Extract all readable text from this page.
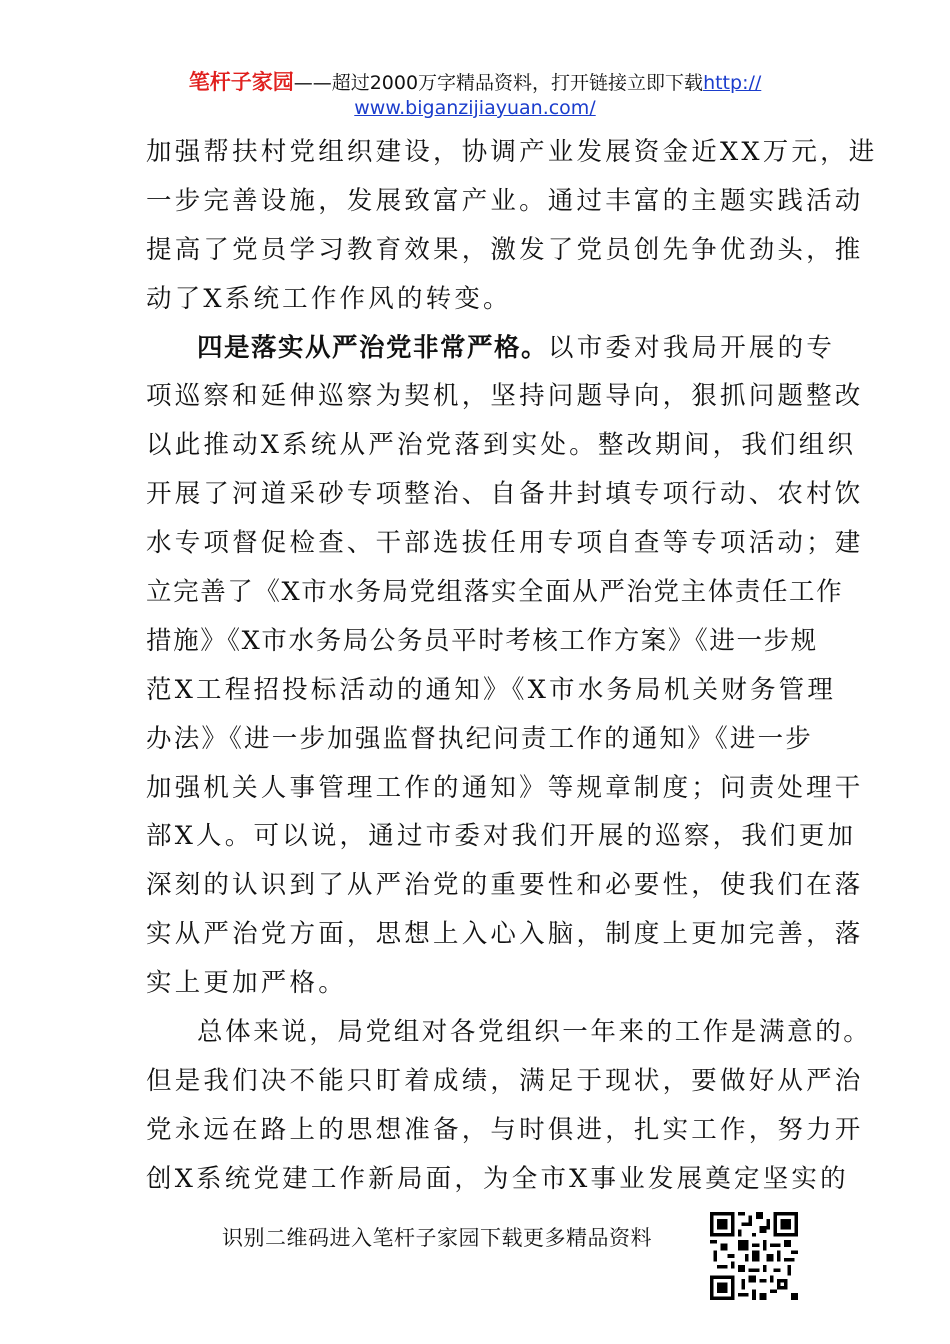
笔杆子家园——超过2000万字精品资料，打开链接立即下载http://
www.biganzijiayuan.com/
加强帮扶村党组织建设，协调产业发展资金近XX万元，进
一步完善设施，发展致富产业。通过丰富的主题实践活动
提高了党员学习教育效果，激发了党员创先争优劲头，推
动了X系统工作作风的转变。
四是落实从严治党非常严格。以市委对我局开展的专
项巡察和延伸巡察为契机，坚持问题导向，狠抓问题整改
以此推动X系统从严治党落到实处。整改期间，我们组织
开展了河道采砂专项整治、自备井封填专项行动、农村饮
水专项督促检查、干部选拔任用专项自查等专项活动；建
立完善了《X市水务局党组落实全面从严治党主体责任工作
措施》《X市水务局公务员平时考核工作方案》《进一步规
范X工程招投标活动的通知》《X市水务局机关财务管理
办法》《进一步加强监督执纪问责工作的通知》《进一步
加强机关人事管理工作的通知》等规章制度；问责处理干
部X人。可以说，通过市委对我们开展的巡察，我们更加
深刻的认识到了从严治党的重要性和必要性，使我们在落
实从严治党方面，思想上入心入脑，制度上更加完善，落
实上更加严格。
总体来说，局党组对各党组织一年来的工作是满意的。
但是我们决不能只盯着成绩，满足于现状，要做好从严治
党永远在路上的思想准备，与时俱进，扎实工作，努力开
创X系统党建工作新局面，为全市X事业发展奠定坚实的
识别二维码进入笔杆子家园下载更多精品资料
